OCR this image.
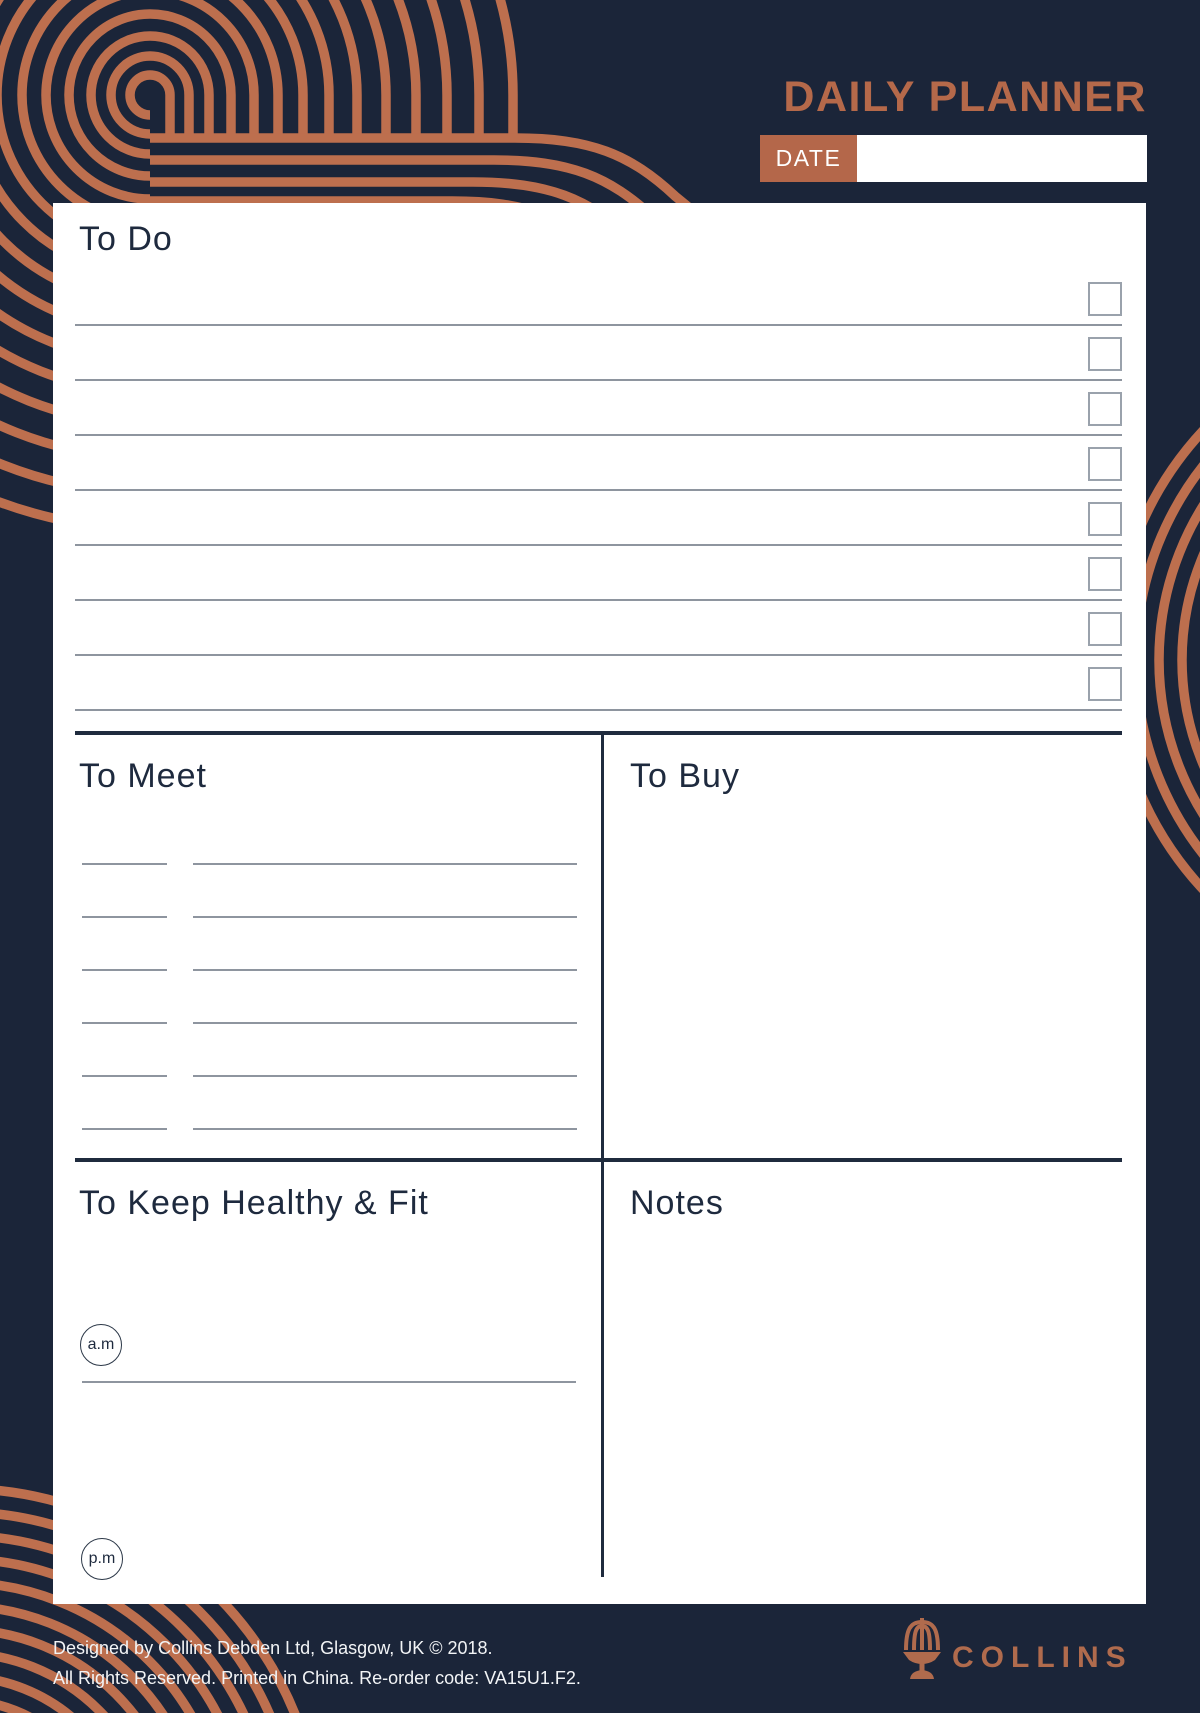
DAILY PLANNER
DATE
To Do
To Meet	To Buy
To Keep Healthy & Fit	Notes
a.m
p.m
Designed by Collins Debden Ltd, Glasgow, UK © 2018.
All Rights Reserved. Printed in China. Re-order code: VA15U1.F2.
COLLINS
